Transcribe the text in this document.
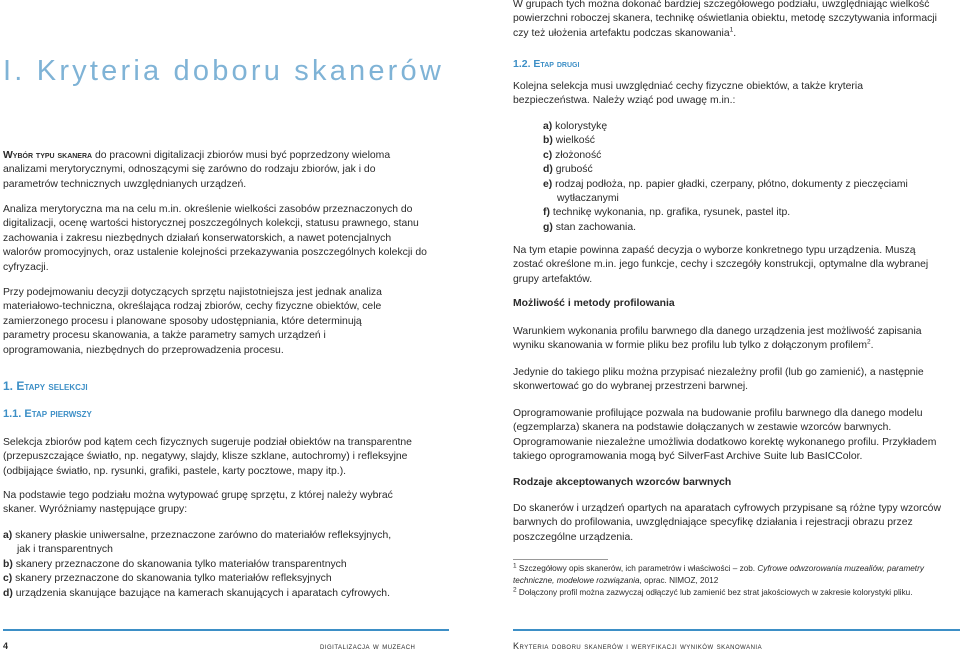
I. Kryteria doboru skanerów

Wybór typu skanera do pracowni digitalizacji zbiorów musi być poprzedzony wieloma analizami merytorycznymi, odnoszącymi się zarówno do rodzaju zbiorów, jak i do parametrów technicznych uwzględnianych urządzeń.

Analiza merytoryczna ma na celu m.in. określenie wielkości zasobów przeznaczonych do digitalizacji, ocenę wartości historycznej poszczególnych kolekcji, statusu prawnego, stanu zachowania i zakresu niezbędnych działań konserwatorskich, a nawet potencjalnych walorów promocyjnych, oraz ustalenie kolejności przekazywania poszczególnych kolekcji do cyfryzacji.

Przy podejmowaniu decyzji dotyczących sprzętu najistotniejsza jest jednak analiza materiałowo-techniczna, określająca rodzaj zbiorów, cechy fizyczne obiektów, cele zamierzonego procesu i planowane sposoby udostępniania, które determinują parametry procesu skanowania, a także parametry samych urządzeń i oprogramowania, niezbędnych do przeprowadzenia procesu.

1. Etapy selekcji
1.1. Etap pierwszy

Selekcja zbiorów pod kątem cech fizycznych sugeruje podział obiektów na transparentne (przepuszczające światło, np. negatywy, slajdy, klisze szklane, autochromy) i refleksyjne (odbijające światło, np. rysunki, grafiki, pastele, karty pocztowe, mapy itp.).

Na podstawie tego podziału można wytypować grupę sprzętu, z której należy wybrać skaner. Wyróżniamy następujące grupy:

a) skanery płaskie uniwersalne, przeznaczone zarówno do materiałów refleksyjnych,
jak i transparentnych
b) skanery przeznaczone do skanowania tylko materiałów transparentnych
c) skanery przeznaczone do skanowania tylko materiałów refleksyjnych
d) urządzenia skanujące bazujące na kamerach skanujących i aparatach cyfrowych.

W grupach tych można dokonać bardziej szczegółowego podziału, uwzględniając wielkość powierzchni roboczej skanera, technikę oświetlania obiektu, metodę szczytywania informacji czy też ułożenia artefaktu podczas skanowania$^1$.

1.2. Etap drugi

Kolejna selekcja musi uwzględniać cechy fizyczne obiektów, a także kryteria bezpieczeństwa. Należy wziąć pod uwagę m.in.:

a) kolorystykę
b) wielkość
c) złożoność
d) grubość
e) rodzaj podłoża, np. papier gładki, czerpany, płótno, dokumenty z pieczęciami
wytłaczanymi
f) technikę wykonania, np. grafika, rysunek, pastel itp.
g) stan zachowania.

Na tym etapie powinna zapaść decyzja o wyborze konkretnego typu urządzenia. Muszą zostać określone m.in. jego funkcje, cechy i szczegóły konstrukcji, optymalne dla wybranej grupy artefaktów.

Możliwość i metody profilowania

Warunkiem wykonania profilu barwnego dla danego urządzenia jest możliwość zapisania wyniku skanowania w formie pliku bez profilu lub tylko z dołączonym profilem$^2$.

Jedynie do takiego pliku można przypisać niezależny profil (lub go zamienić), a następnie skonwertować go do wybranej przestrzeni barwnej.

Oprogramowanie profilujące pozwala na budowanie profilu barwnego dla danego modelu (egzemplarza) skanera na podstawie dołączanych w zestawie wzorców barwnych. Oprogramowanie niezależne umożliwia dodatkowo korektę wykonanego profilu. Przykładem takiego oprogramowania mogą być SilverFast Archive Suite lub BasICColor.

Rodzaje akceptowanych wzorców barwnych

Do skanerów i urządzeń opartych na aparatach cyfrowych przypisane są różne typy wzorców barwnych do profilowania, uwzględniające specyfikę działania i rejestracji obrazu przez poszczególne urządzenia.

$^1$ Szczegółowy opis skanerów, ich parametrów i właściwości – zob. Cyfrowe odwzorowania muzealiów, parametry techniczne, modelowe rozwiązania, oprac. NIMOZ, 2012
$^2$ Dołączony profil można zazwyczaj odłączyć lub zamienić bez strat jakościowych w zakresie kolorystyki pliku.
4	digitalizacja w muzeach	Kryteria doboru skanerów i weryfikacji wyników skanowania
